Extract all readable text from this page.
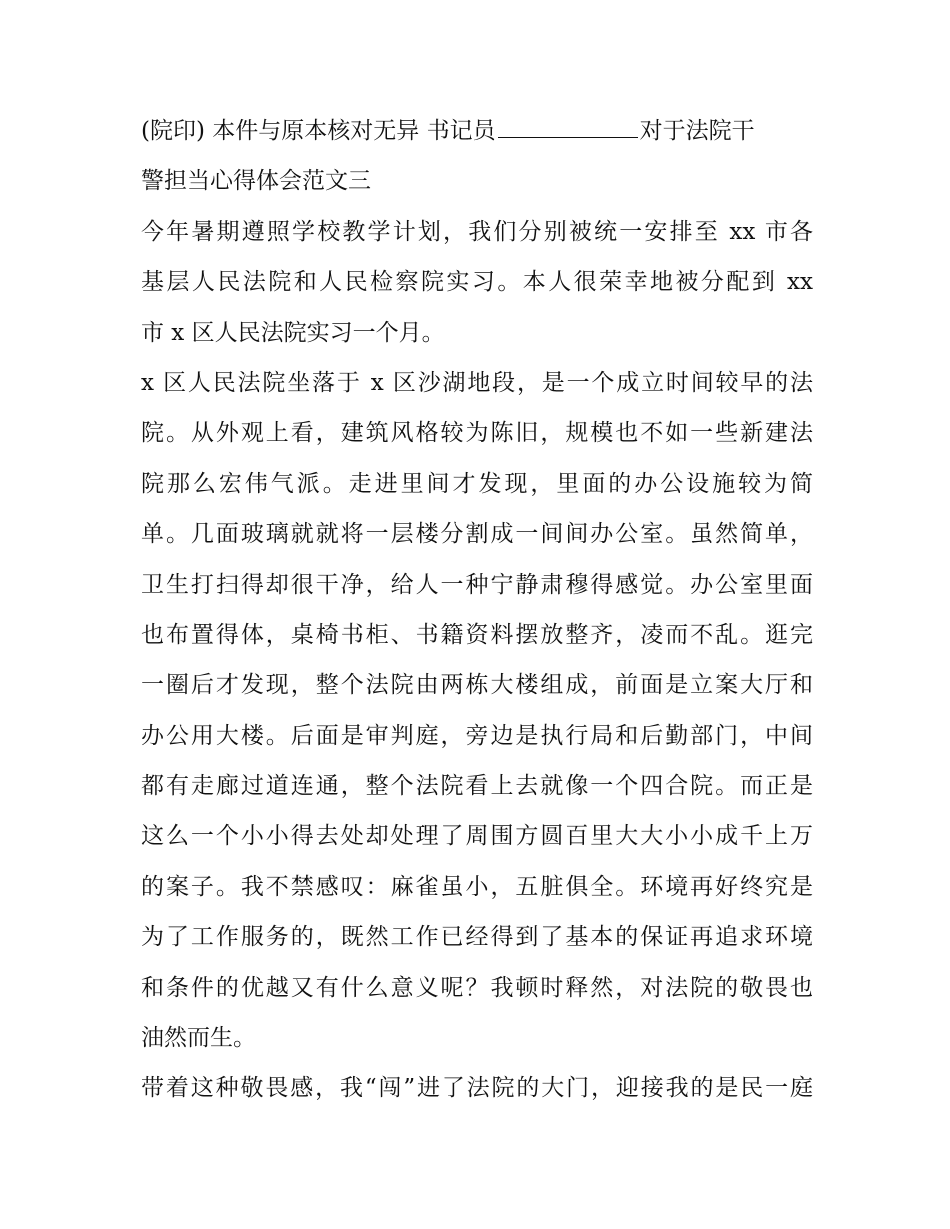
(院印) 本件与原本核对无异 书记员	对于法院干
警担当心得体会范文三
今年暑期遵照学校教学计划，我们分别被统一安排至 xx 市各
基层人民法院和人民检察院实习。本人很荣幸地被分配到 xx
市 x 区人民法院实习一个月。
x 区人民法院坐落于 x 区沙湖地段，是一个成立时间较早的法
院。从外观上看，建筑风格较为陈旧，规模也不如一些新建法
院那么宏伟气派。走进里间才发现，里面的办公设施较为简
单。几面玻璃就就将一层楼分割成一间间办公室。虽然简单，
卫生打扫得却很干净，给人一种宁静肃穆得感觉。办公室里面
也布置得体，桌椅书柜、书籍资料摆放整齐，凌而不乱。逛完
一圈后才发现，整个法院由两栋大楼组成，前面是立案大厅和
办公用大楼。后面是审判庭，旁边是执行局和后勤部门，中间
都有走廊过道连通，整个法院看上去就像一个四合院。而正是
这么一个小小得去处却处理了周围方圆百里大大小小成千上万
的案子。我不禁感叹：麻雀虽小，五脏俱全。环境再好终究是
为了工作服务的，既然工作已经得到了基本的保证再追求环境
和条件的优越又有什么意义呢？我顿时释然，对法院的敬畏也
油然而生。
带着这种敬畏感，我“闯”进了法院的大门，迎接我的是民一庭
